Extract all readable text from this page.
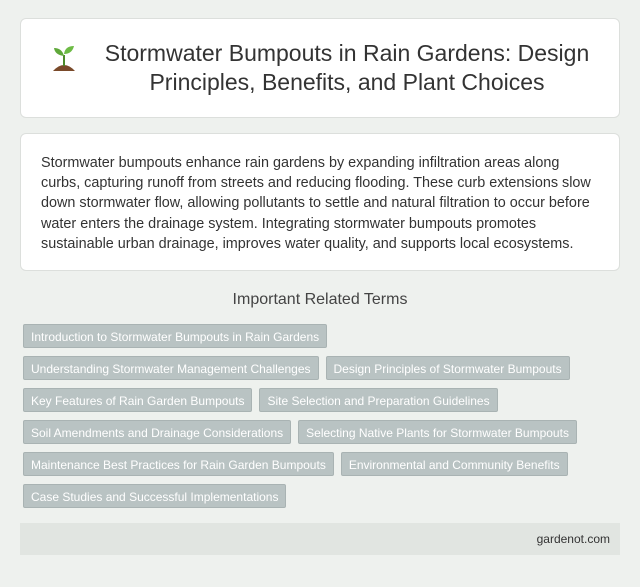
Stormwater Bumpouts in Rain Gardens: Design Principles, Benefits, and Plant Choices

Stormwater bumpouts enhance rain gardens by expanding infiltration areas along curbs, capturing runoff from streets and reducing flooding. These curb extensions slow down stormwater flow, allowing pollutants to settle and natural filtration to occur before water enters the drainage system. Integrating stormwater bumpouts promotes sustainable urban drainage, improves water quality, and supports local ecosystems.

Important Related Terms
Introduction to Stormwater Bumpouts in Rain Gardens
Understanding Stormwater Management Challenges	Design Principles of Stormwater Bumpouts
Key Features of Rain Garden Bumpouts	Site Selection and Preparation Guidelines
Soil Amendments and Drainage Considerations	Selecting Native Plants for Stormwater Bumpouts
Maintenance Best Practices for Rain Garden Bumpouts	Environmental and Community Benefits
Case Studies and Successful Implementations
gardenot.com
